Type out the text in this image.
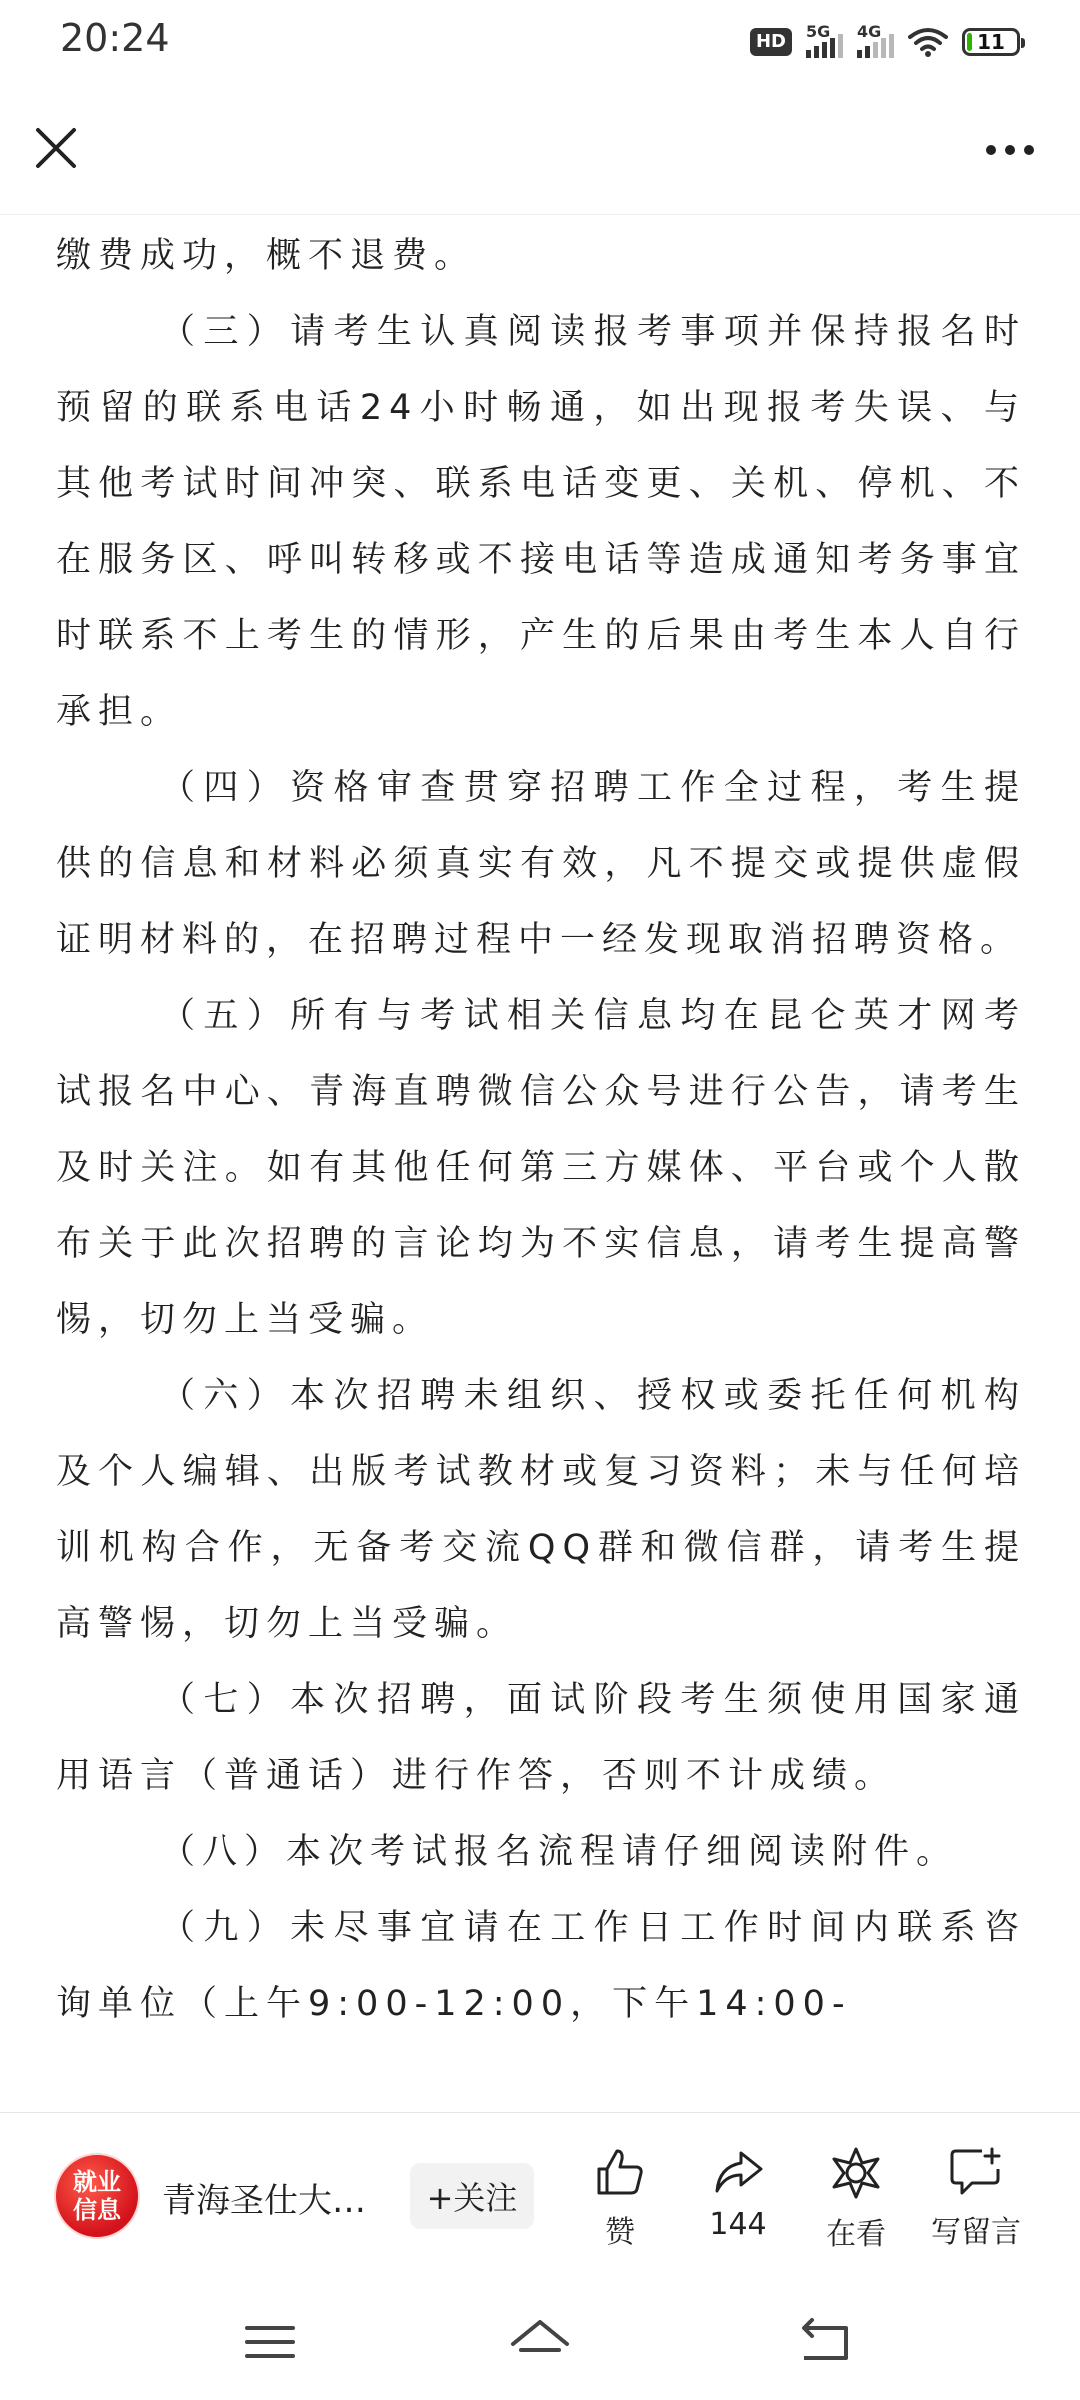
20:24	HD	5G 4G	11

缴费成功，概不退费。

（三）请考生认真阅读报考事项并保持报名时预留的联系电话24小时畅通，如出现报考失误、与其他考试时间冲突、联系电话变更、关机、停机、不在服务区、呼叫转移或不接电话等造成通知考务事宜时联系不上考生的情形，产生的后果由考生本人自行承担。

（四）资格审查贯穿招聘工作全过程，考生提供的信息和材料必须真实有效，凡不提交或提供虚假证明材料的，在招聘过程中一经发现取消招聘资格。

（五）所有与考试相关信息均在昆仑英才网考试报名中心、青海直聘微信公众号进行公告，请考生及时关注。如有其他任何第三方媒体、平台或个人散布关于此次招聘的言论均为不实信息，请考生提高警惕，切勿上当受骗。

（六）本次招聘未组织、授权或委托任何机构及个人编辑、出版考试教材或复习资料；未与任何培训机构合作，无备考交流QQ群和微信群，请考生提高警惕，切勿上当受骗。

（七）本次招聘，面试阶段考生须使用国家通用语言（普通话）进行作答，否则不计成绩。

（八）本次考试报名流程请仔细阅读附件。

（九）未尽事宜请在工作日工作时间内联系咨询单位（上午9:00-12:00，下午14:00-

就业
信息 青海圣仕大…	+关注
赞	144	在看	写留言
